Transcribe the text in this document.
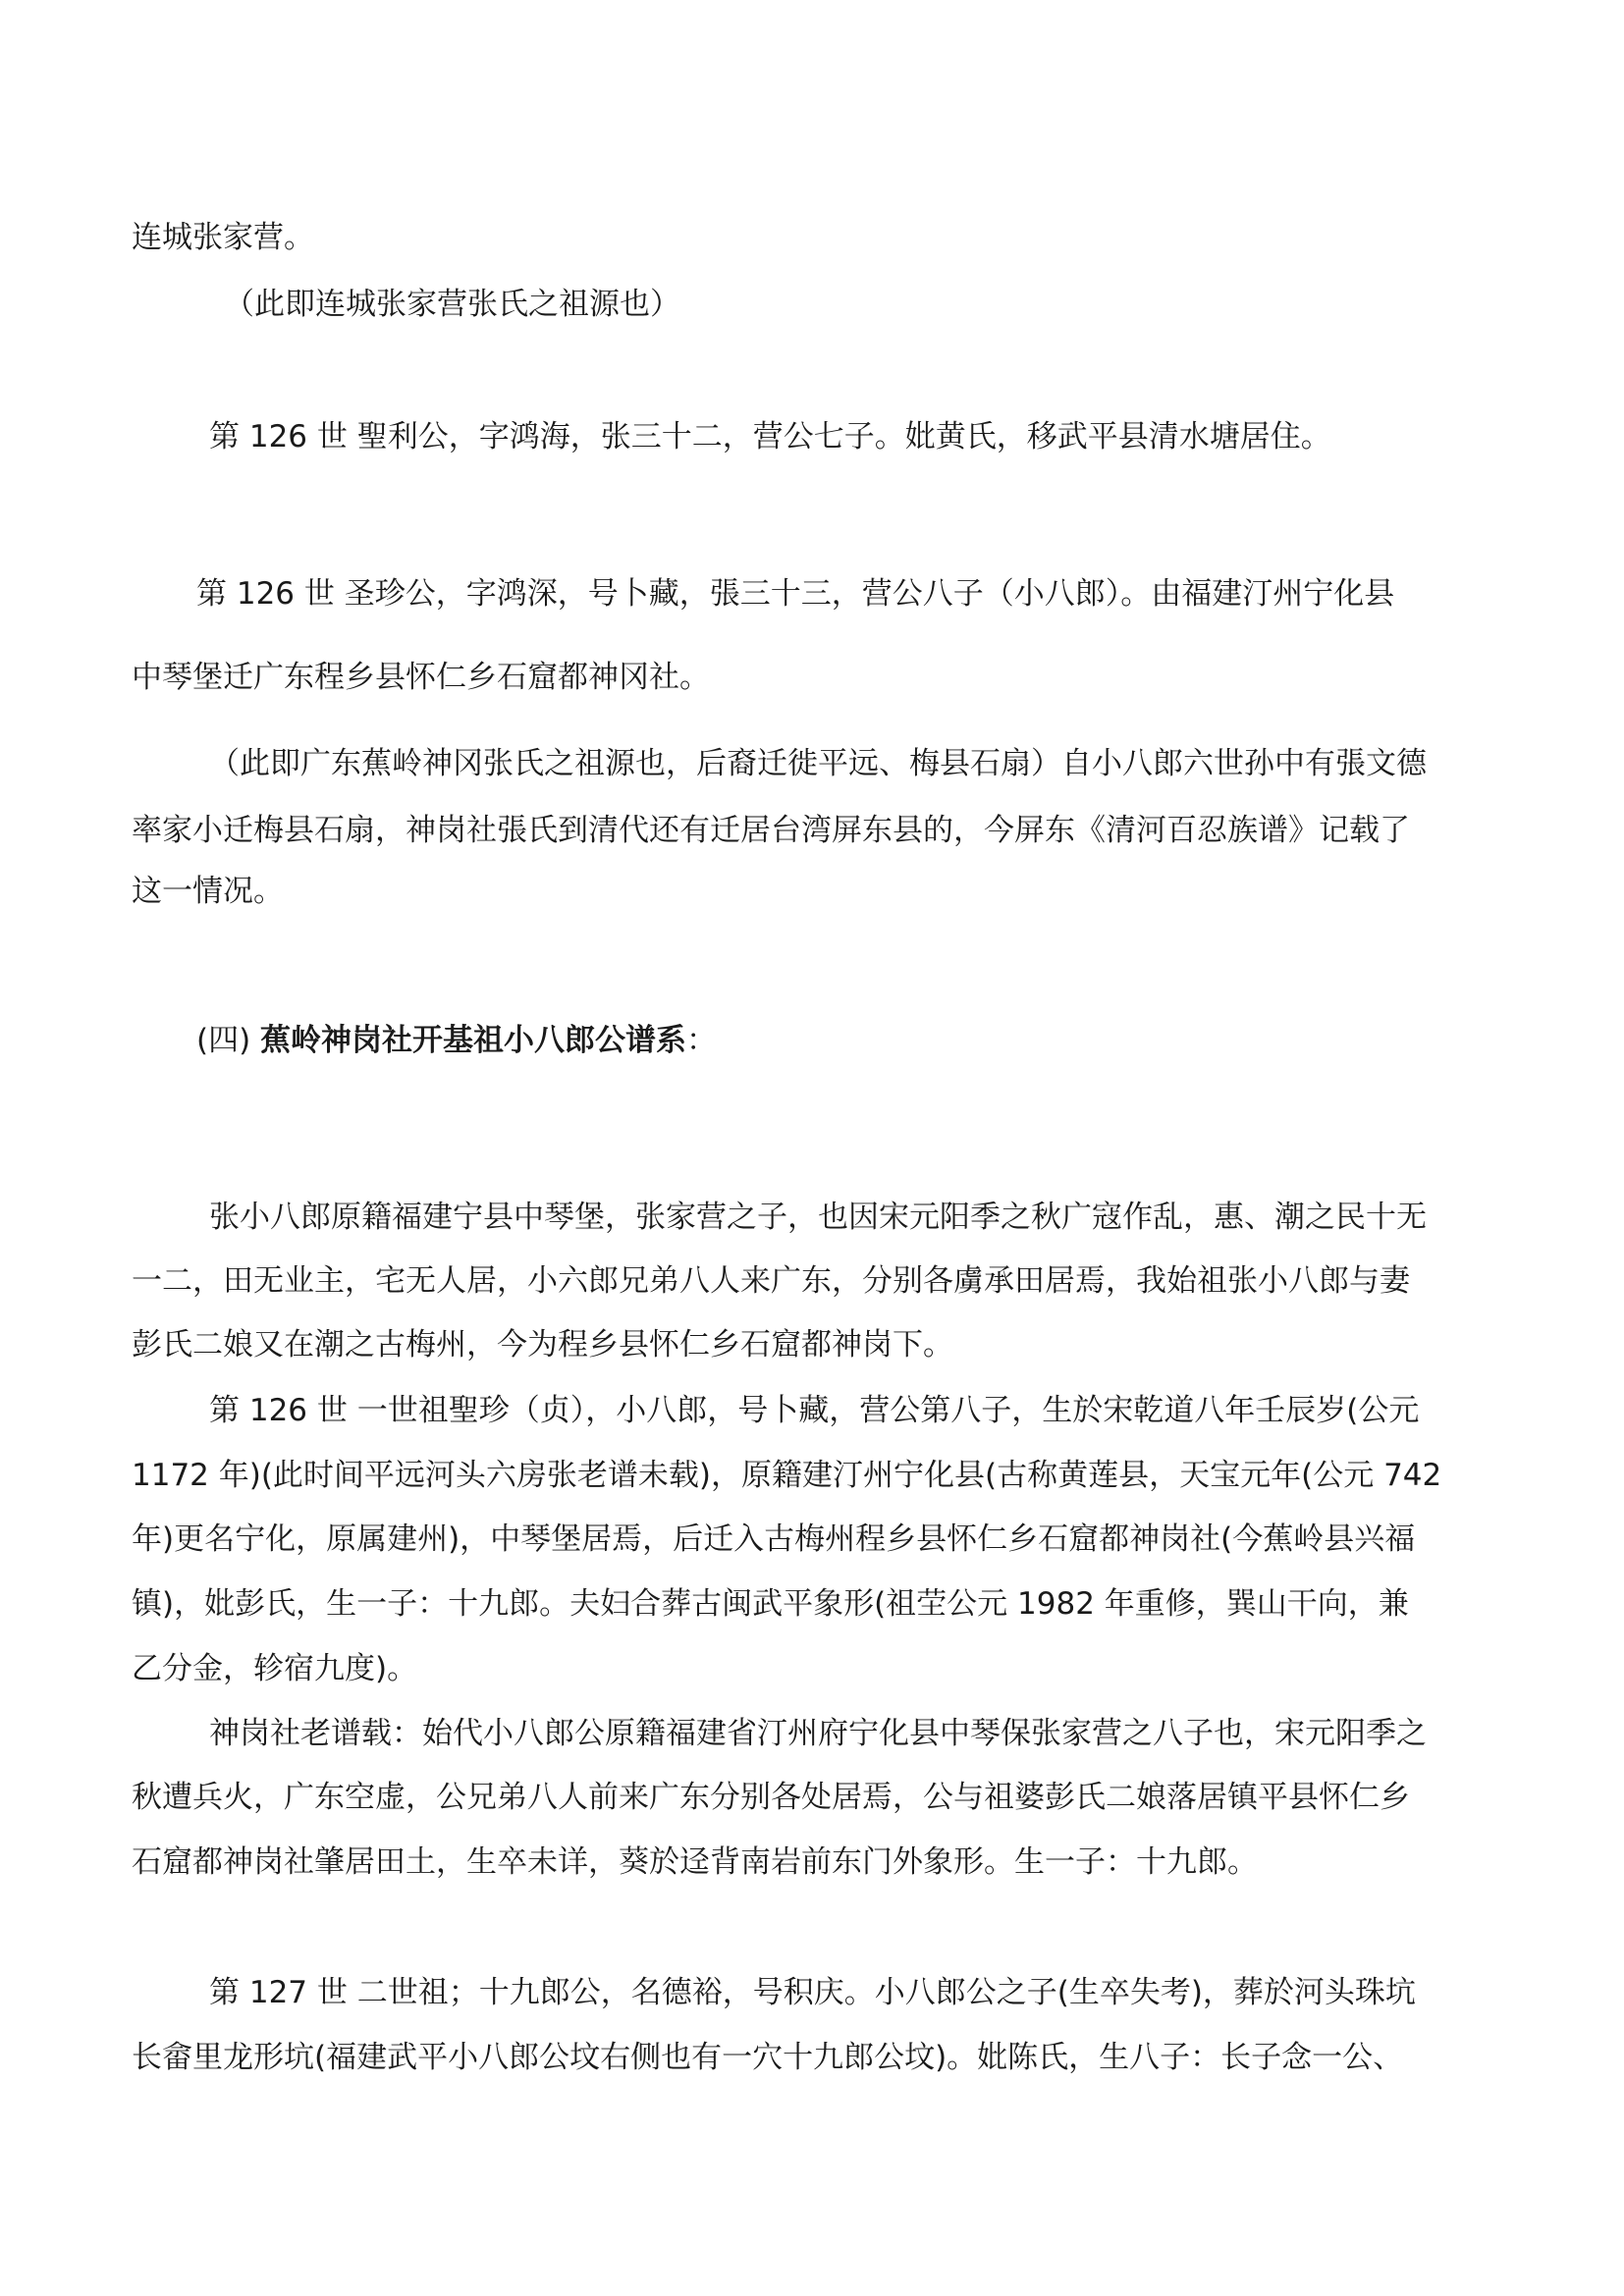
连城张家营。
（此即连城张家营张氏之祖源也）
第 126 世 聖利公，字鸿海，张三十二，营公七子。妣黄氏，移武平县清水塘居住。
第 126 世 圣珍公，字鸿深，号卜藏，張三十三，营公八子（小八郎）。由福建汀州宁化县
中琴堡迁广东程乡县怀仁乡石窟都神冈社。
（此即广东蕉岭神冈张氏之祖源也，后裔迁徙平远、梅县石扇）自小八郎六世孙中有張文德
率家小迁梅县石扇，神岗社張氏到清代还有迁居台湾屏东县的，今屏东《清河百忍族谱》记载了
这一情况。
(四) 蕉岭神岗社开基祖小八郎公谱系：
张小八郎原籍福建宁县中琴堡，张家营之子，也因宋元阳季之秋广寇作乱，惠、潮之民十无
一二，田无业主，宅无人居，小六郎兄弟八人来广东，分别各虜承田居焉，我始祖张小八郎与妻
彭氏二娘又在潮之古梅州，今为程乡县怀仁乡石窟都神岗下。
第 126 世 一世祖聖珍（贞），小八郎，号卜藏，营公第八子，生於宋乾道八年壬辰岁(公元
1172 年)(此时间平远河头六房张老谱未载)，原籍建汀州宁化县(古称黄莲县，天宝元年(公元 742
年)更名宁化，原属建州)，中琴堡居焉，后迁入古梅州程乡县怀仁乡石窟都神岗社(今蕉岭县兴福
镇)，妣彭氏，生一子：十九郎。夫妇合葬古闽武平象形(祖茔公元 1982 年重修，巽山干向，兼
乙分金，轸宿九度)。
神岗社老谱载：始代小八郎公原籍福建省汀州府宁化县中琴保张家营之八子也，宋元阳季之
秋遭兵火，广东空虚，公兄弟八人前来广东分别各处居焉，公与祖婆彭氏二娘落居镇平县怀仁乡
石窟都神岗社肇居田土，生卒未详，葵於迳背南岩前东门外象形。生一子：十九郎。
第 127 世 二世祖；十九郎公，名德裕，号积庆。小八郎公之子(生卒失考)，葬於河头珠坑
长畲里龙形坑(福建武平小八郎公坟右侧也有一穴十九郎公坟)。妣陈氏，生八子：长子念一公、
